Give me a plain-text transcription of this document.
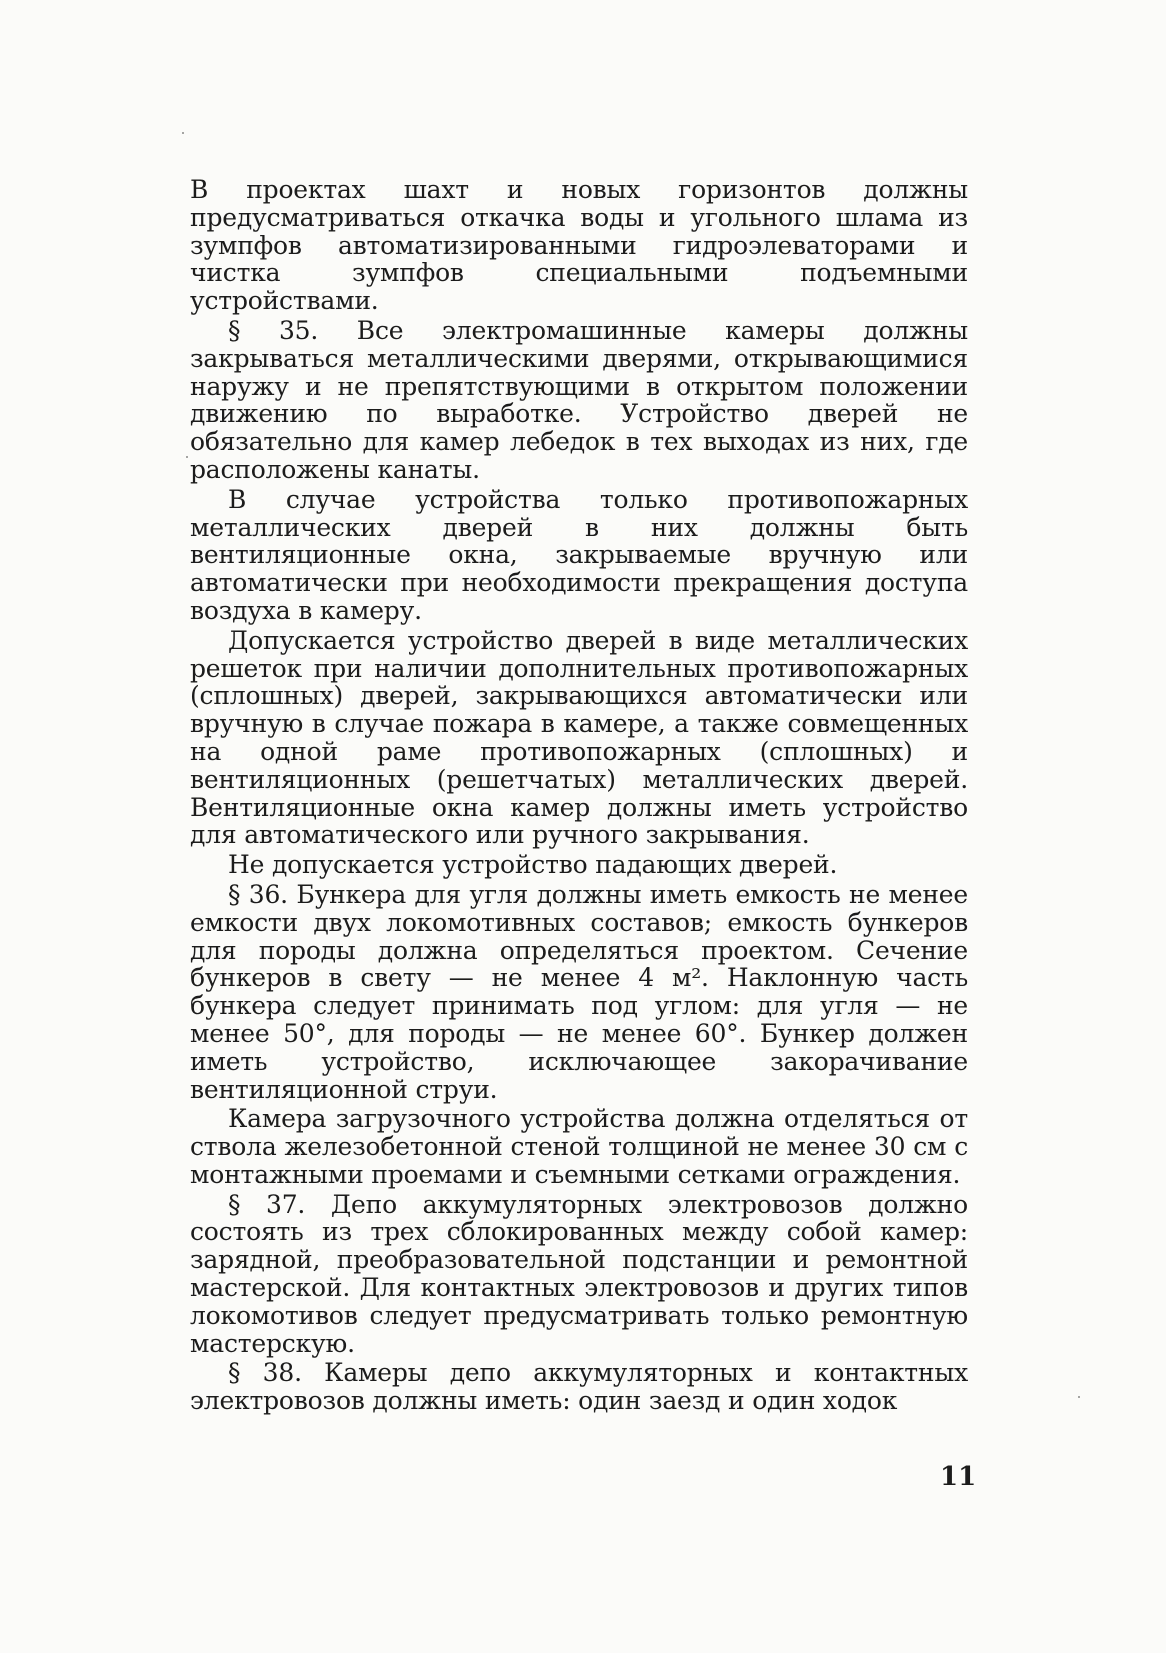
В проектах шахт и новых горизонтов должны предусматриваться откачка воды и угольного шлама из зумпфов автоматизированными гидроэлеваторами и чистка зумпфов специальными подъемными устройствами.

§ 35. Все электромашинные камеры должны закрываться металлическими дверями, открывающимися наружу и не препятствующими в открытом положении движению по выработке. Устройство дверей не обязательно для камер лебедок в тех выходах из них, где расположены канаты.

В случае устройства только противопожарных металлических дверей в них должны быть вентиляционные окна, закрываемые вручную или автоматически при необходимости прекращения доступа воздуха в камеру.

Допускается устройство дверей в виде металлических решеток при наличии дополнительных противопожарных (сплошных) дверей, закрывающихся автоматически или вручную в случае пожара в камере, а также совмещенных на одной раме противопожарных (сплошных) и вентиляционных (решетчатых) металлических дверей. Вентиляционные окна камер должны иметь устройство для автоматического или ручного закрывания.

Не допускается устройство падающих дверей.

§ 36. Бункера для угля должны иметь емкость не менее емкости двух локомотивных составов; емкость бункеров для породы должна определяться проектом. Сечение бункеров в свету — не менее 4 м². Наклонную часть бункера следует принимать под углом: для угля — не менее 50°, для породы — не менее 60°. Бункер должен иметь устройство, исключающее закорачивание вентиляционной струи.

Камера загрузочного устройства должна отделяться от ствола железобетонной стеной толщиной не менее 30 см с монтажными проемами и съемными сетками ограждения.

§ 37. Депо аккумуляторных электровозов должно состоять из трех сблокированных между собой камер: зарядной, преобразовательной подстанции и ремонтной мастерской. Для контактных электровозов и других типов локомотивов следует предусматривать только ремонтную мастерскую.

§ 38. Камеры депо аккумуляторных и контактных электровозов должны иметь: один заезд и один ходок

11
